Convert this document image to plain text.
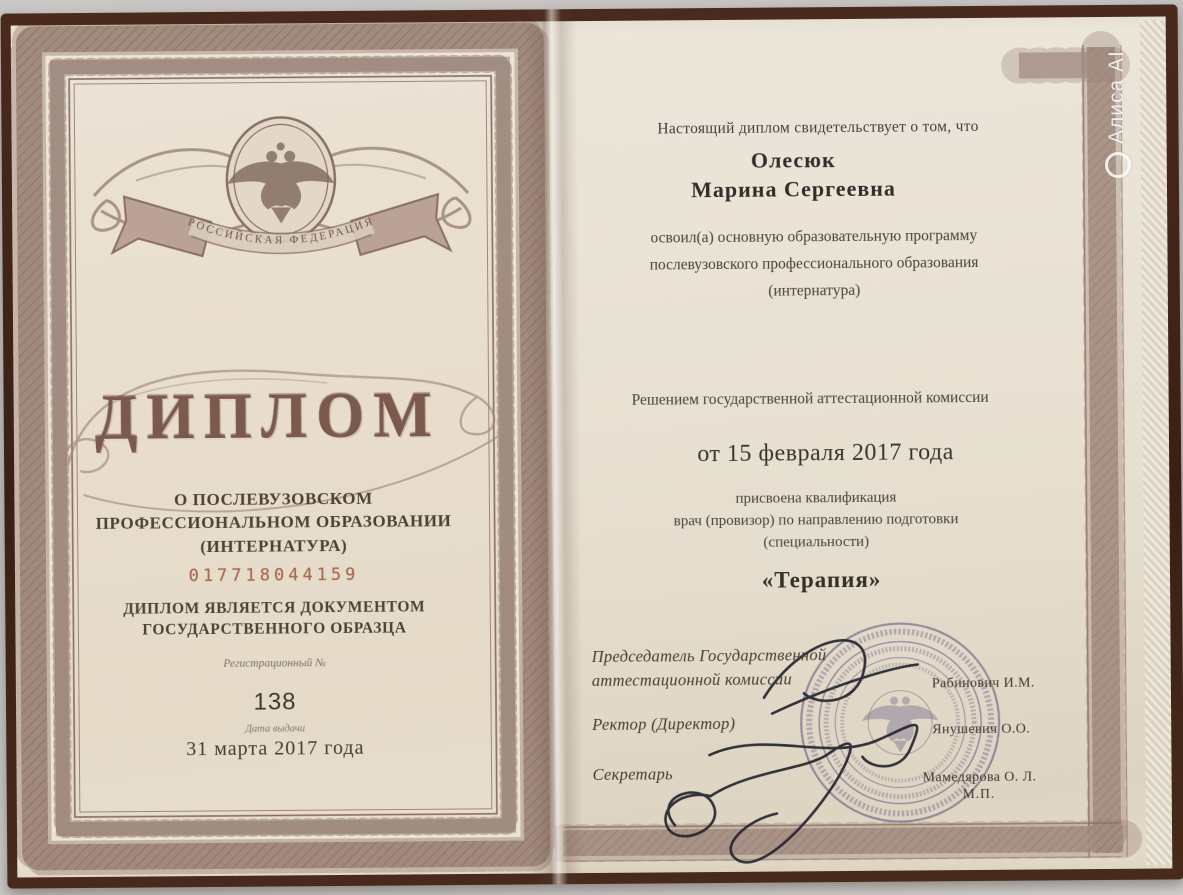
РОССИЙСКАЯ ФЕДЕРАЦИЯ
ДИПЛОМ
О ПОСЛЕВУЗОВСКОМ
ПРОФЕССИОНАЛЬНОМ ОБРАЗОВАНИИ
(ИНТЕРНАТУРА)
017718044159
ДИПЛОМ ЯВЛЯЕТСЯ ДОКУМЕНТОМ
ГОСУДАРСТВЕННОГО ОБРАЗЦА
Регистрационный №
138
Дата выдачи
31 марта 2017 года
Настоящий диплом свидетельствует о том, что
Олесюк
Марина Сергеевна
освоил(а) основную образовательную программу
послевузовского профессионального образования
(интернатура)
Решением государственной аттестационной комиссии
от 15 февраля 2017 года
присвоена квалификация
врач (провизор) по направлению подготовки
(специальности)
«Терапия»
Председатель Государственной аттестационной комиссии
Ректор (Директор)
Секретарь
Рабинович И.М.
Янушевич О.О.
Мамедярова О. Л.
М.П.
Алиса AI
